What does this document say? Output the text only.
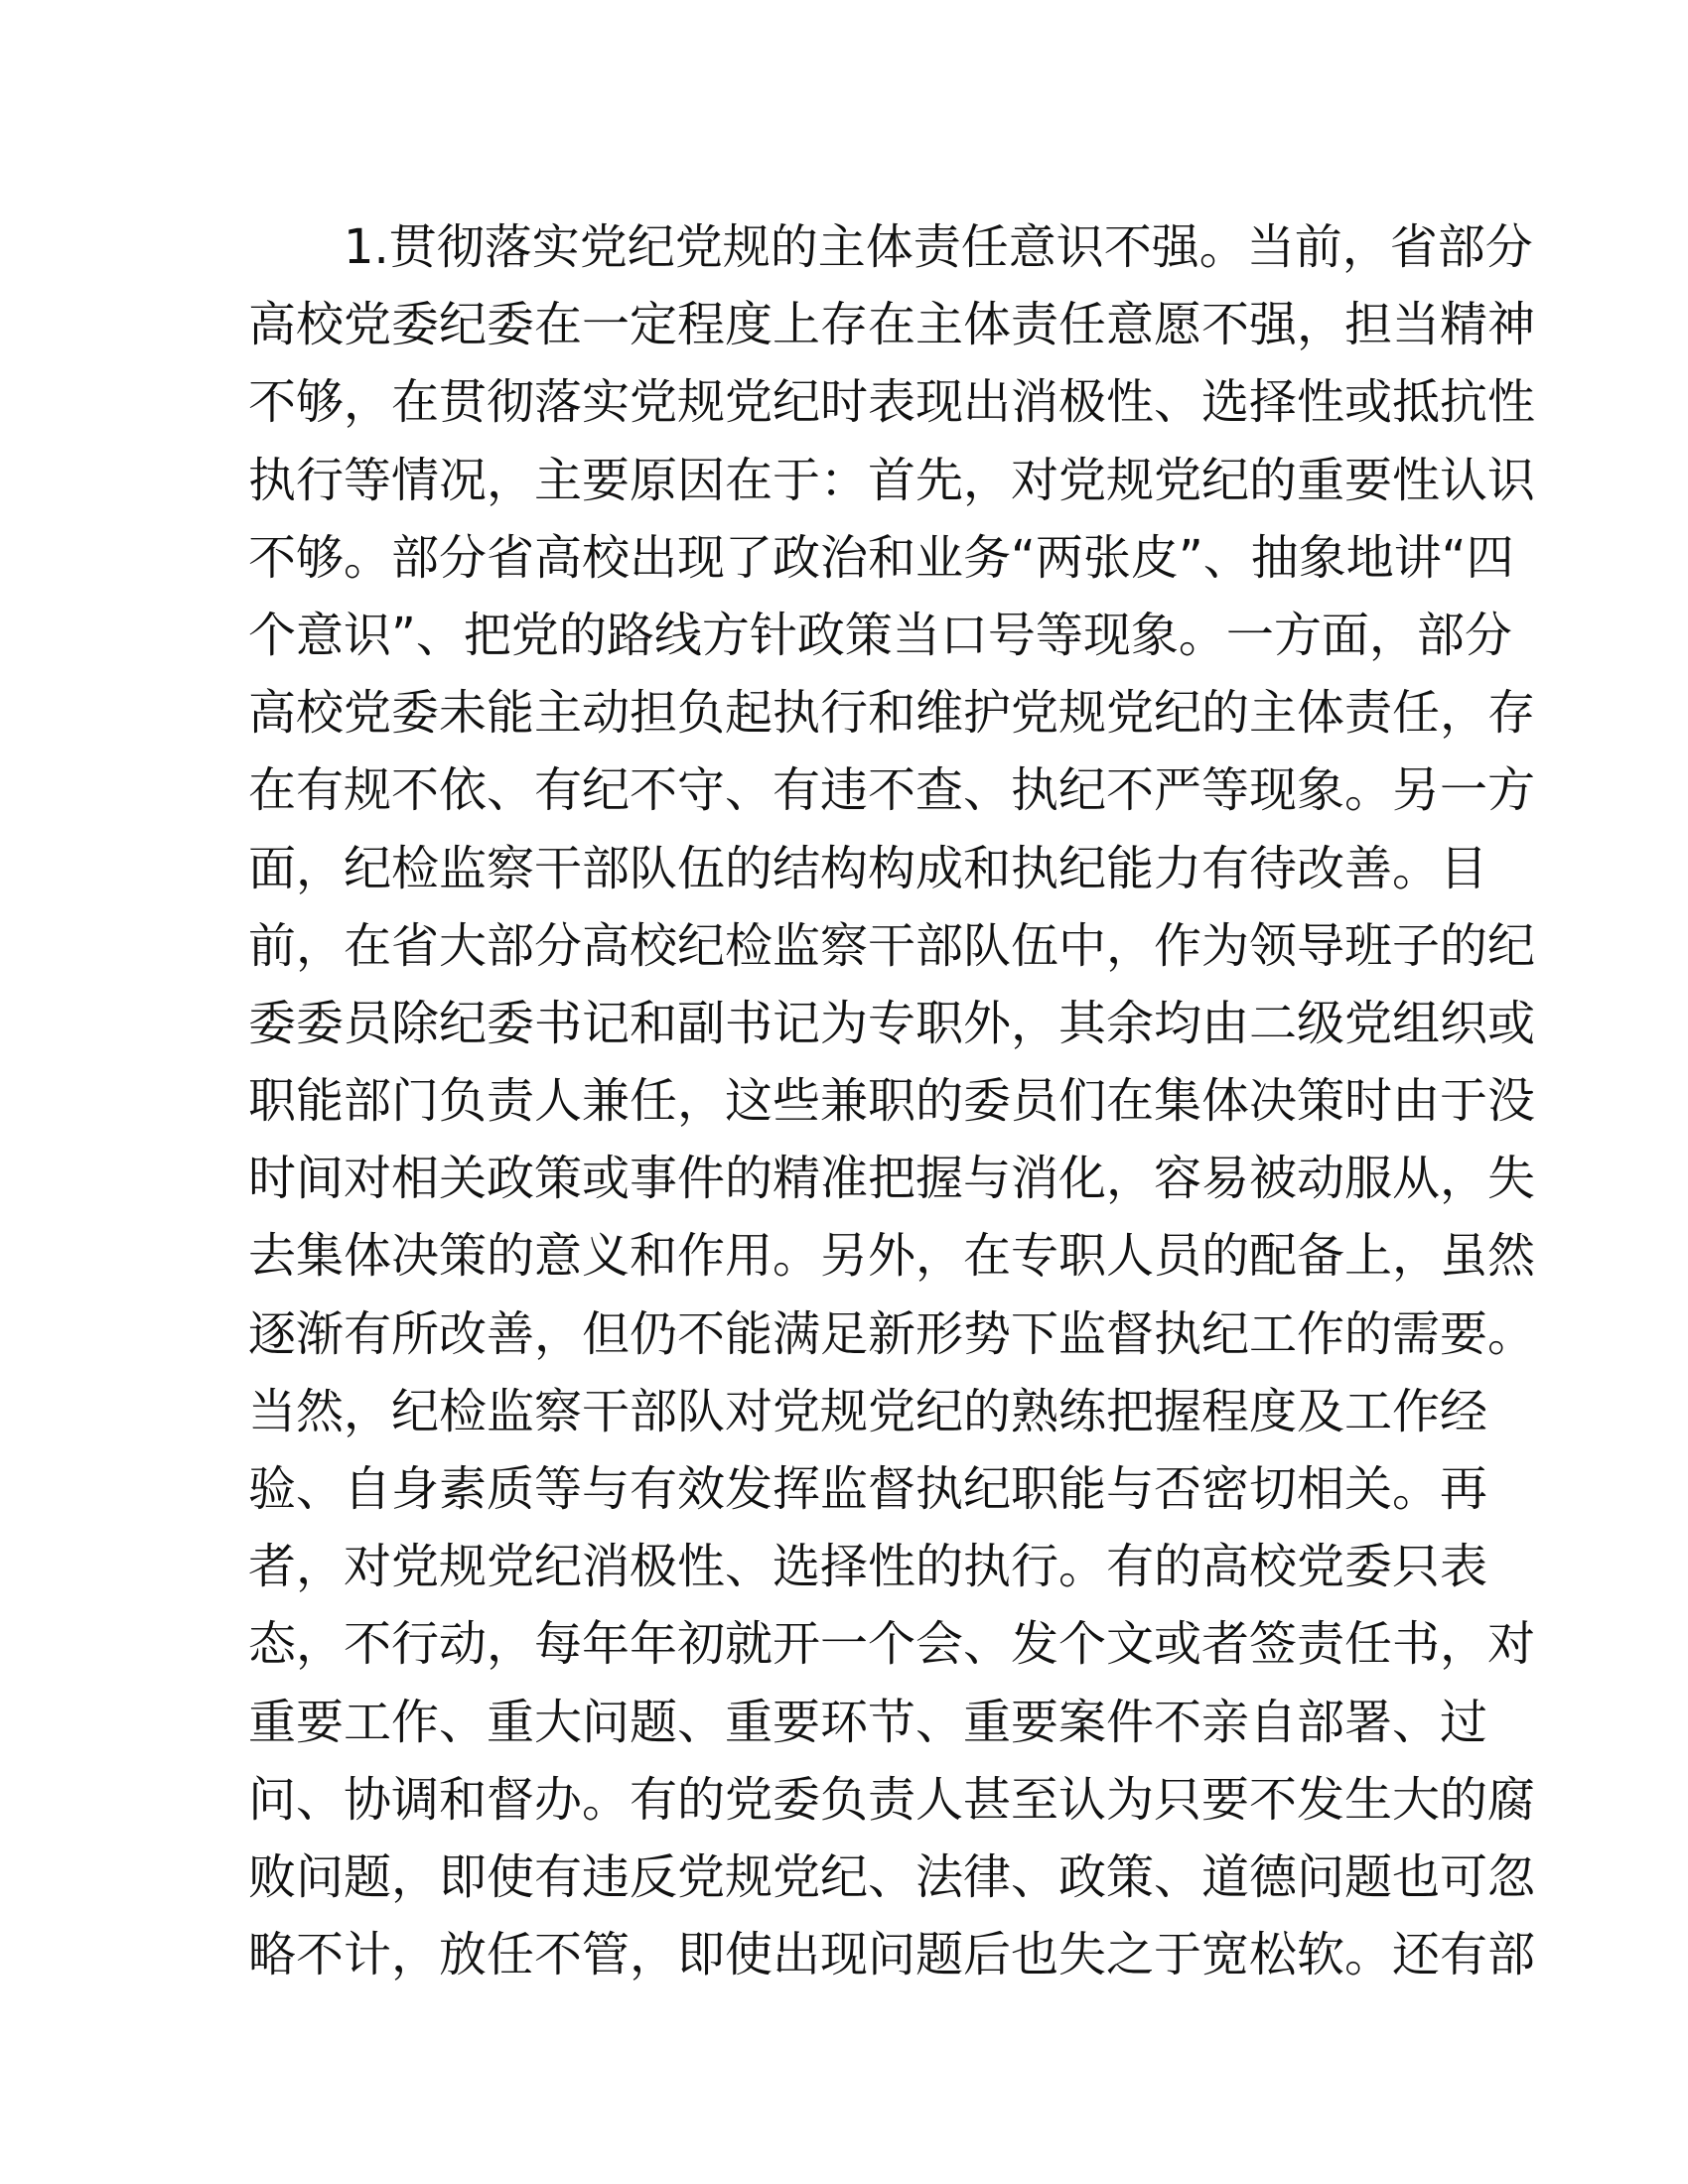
1.贯彻落实党纪党规的主体责任意识不强。当前，省部分
高校党委纪委在一定程度上存在主体责任意愿不强，担当精神
不够，在贯彻落实党规党纪时表现出消极性、选择性或抵抗性
执行等情况，主要原因在于：首先，对党规党纪的重要性认识
不够。部分省高校出现了政治和业务“两张皮”、抽象地讲“四
个意识”、把党的路线方针政策当口号等现象。一方面，部分
高校党委未能主动担负起执行和维护党规党纪的主体责任，存
在有规不依、有纪不守、有违不查、执纪不严等现象。另一方
面，纪检监察干部队伍的结构构成和执纪能力有待改善。目
前，在省大部分高校纪检监察干部队伍中，作为领导班子的纪
委委员除纪委书记和副书记为专职外，其余均由二级党组织或
职能部门负责人兼任，这些兼职的委员们在集体决策时由于没
时间对相关政策或事件的精准把握与消化，容易被动服从，失
去集体决策的意义和作用。另外，在专职人员的配备上，虽然
逐渐有所改善，但仍不能满足新形势下监督执纪工作的需要。
当然，纪检监察干部队对党规党纪的熟练把握程度及工作经
验、自身素质等与有效发挥监督执纪职能与否密切相关。再
者，对党规党纪消极性、选择性的执行。有的高校党委只表
态，不行动，每年年初就开一个会、发个文或者签责任书，对
重要工作、重大问题、重要环节、重要案件不亲自部署、过
问、协调和督办。有的党委负责人甚至认为只要不发生大的腐
败问题，即使有违反党规党纪、法律、政策、道德问题也可忽
略不计，放任不管，即使出现问题后也失之于宽松软。还有部
